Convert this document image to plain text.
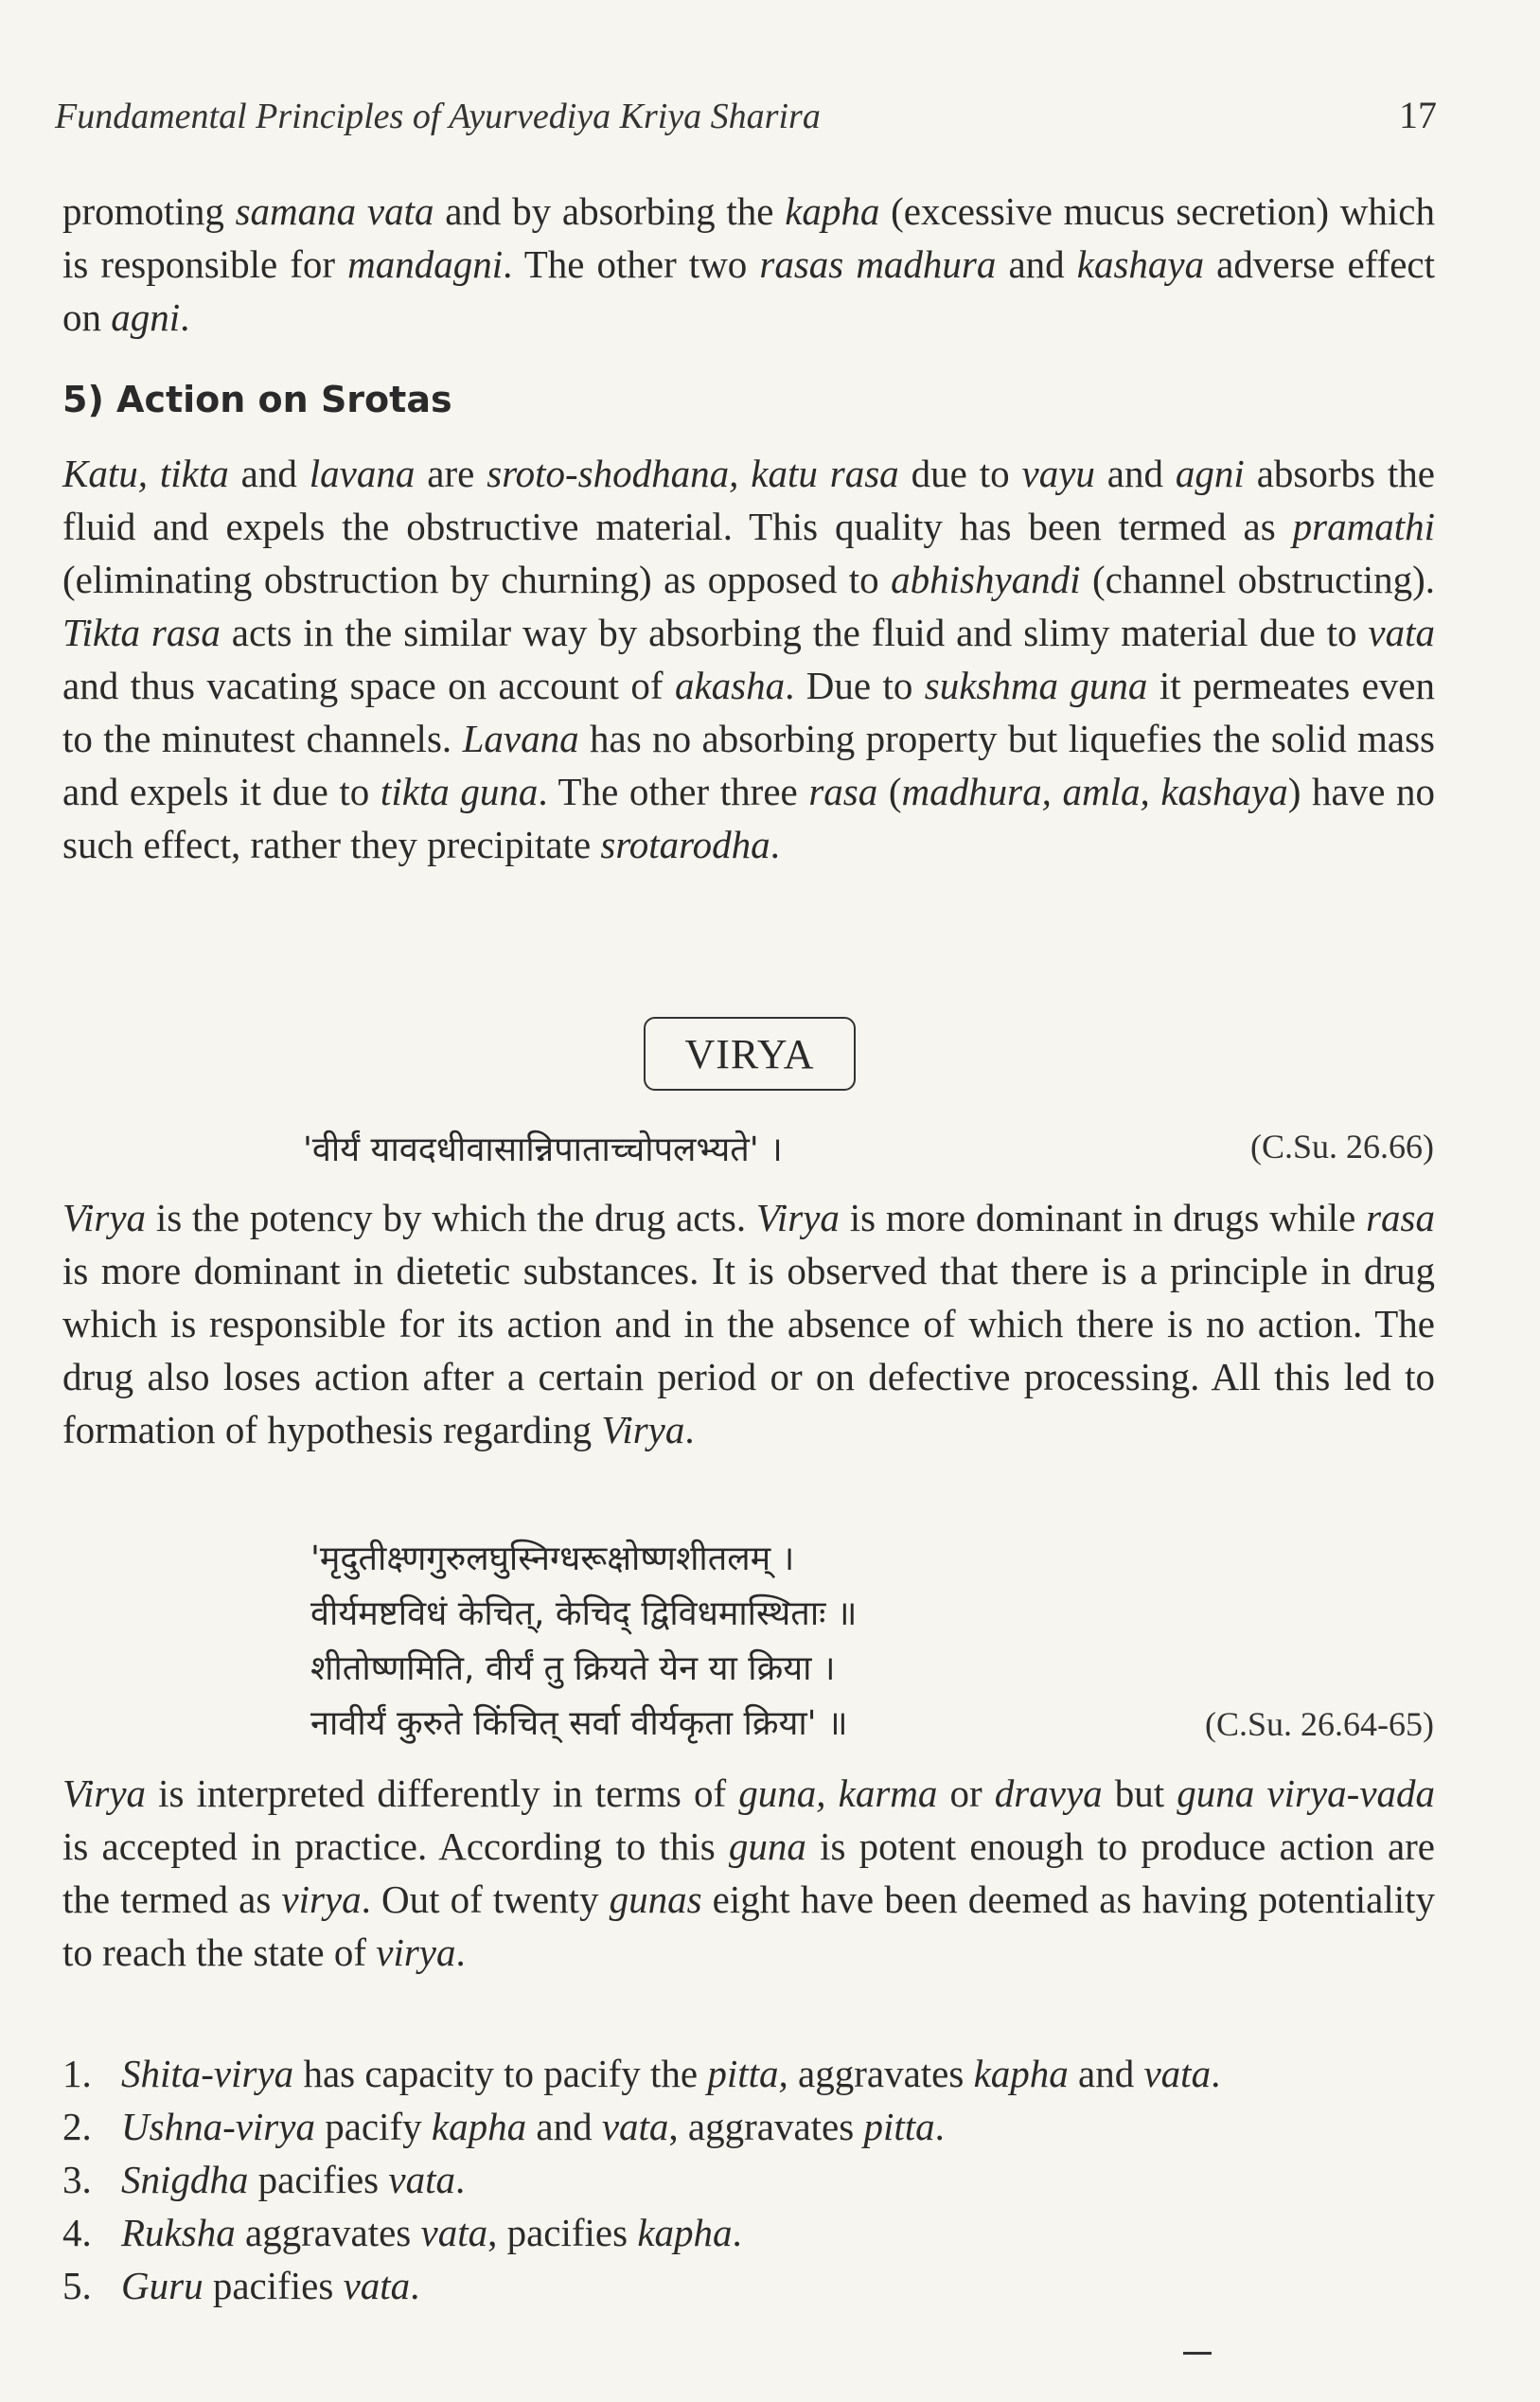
Fundamental Principles of Ayurvediya Kriya Sharira	17

promoting samana vata and by absorbing the kapha (excessive mucus secretion) which is responsible for mandagni. The other two rasas madhura and kashaya adverse effect on agni.

5) Action on Srotas

Katu, tikta and lavana are sroto-shodhana, katu rasa due to vayu and agni absorbs the fluid and expels the obstructive material. This quality has been termed as pramathi (eliminating obstruction by churning) as opposed to abhishyandi (channel obstructing). Tikta rasa acts in the similar way by absorbing the fluid and slimy material due to vata and thus vacating space on account of akasha. Due to sukshma guna it permeates even to the minutest channels. Lavana has no absorbing property but liquefies the solid mass and expels it due to tikta guna. The other three rasa (madhura, amla, kashaya) have no such effect, rather they precipitate srotarodha.

VIRYA
'वीर्यं यावदधीवासान्निपाताच्चोपलभ्यते' ।	(C.Su. 26.66)

Virya is the potency by which the drug acts. Virya is more dominant in drugs while rasa is more dominant in dietetic substances. It is observed that there is a principle in drug which is responsible for its action and in the absence of which there is no action. The drug also loses action after a certain period or on defective processing. All this led to formation of hypothesis regarding Virya.

'मृदुतीक्ष्णगुरुलघुस्निग्धरूक्षोष्णशीतलम् ।
वीर्यमष्टविधं केचित्, केचिद् द्विविधमास्थिताः ॥
शीतोष्णमिति, वीर्यं तु क्रियते येन या क्रिया ।
नावीर्यं कुरुते किंचित् सर्वा वीर्यकृता क्रिया' ॥	(C.Su. 26.64-65)

Virya is interpreted differently in terms of guna, karma or dravya but guna virya-vada is accepted in practice. According to this guna is potent enough to produce action are the termed as virya. Out of twenty gunas eight have been deemed as having potentiality to reach the state of virya.

1. Shita-virya has capacity to pacify the pitta, aggravates kapha and vata.
2. Ushna-virya pacify kapha and vata, aggravates pitta.
3. Snigdha pacifies vata.
4. Ruksha aggravates vata, pacifies kapha.
5. Guru pacifies vata.
